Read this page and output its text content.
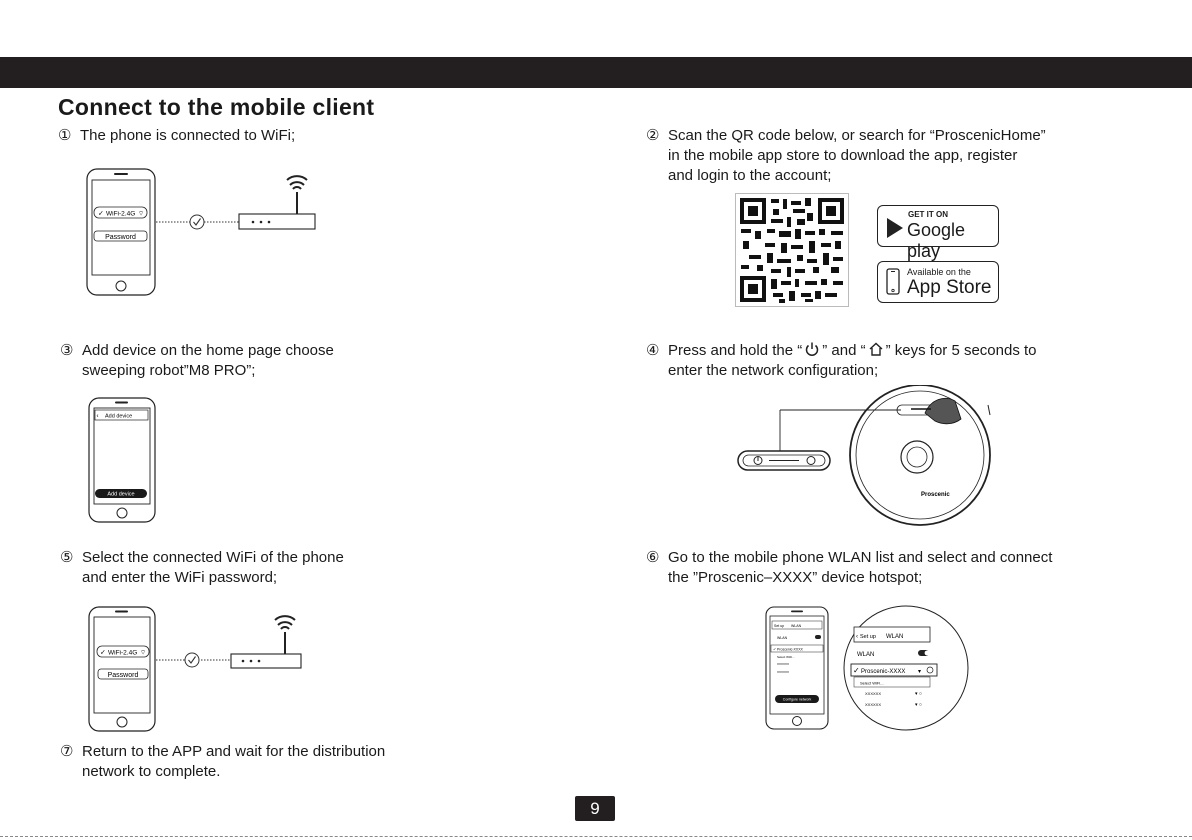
Connect to the mobile client
① The phone is connected to WiFi;	② Scan the QR code below, or search for “ProscenicHome”
in the mobile app store to download the app, register
and login to the account;
③ Add device on the home page choose
sweeping robot”M8 PRO”;
④ Press and hold the “ ” and “ ” keys for 5 seconds to
enter the network configuration;
⑤ Select the connected WiFi of the phone
and enter the WiFi password;
⑥ Go to the mobile phone WLAN list and select and connect
the ”Proscenic–XXXX” device hotspot;
⑦ Return to the APP and wait for the distribution
network to complete.
✓ WiFi-2.4G ⌔
Password
GET IT ON
Google play
Available on the
App Store
‹ Add device
Add device	Proscenic
✓ WiFi-2.4G ⌔
Password
Set up WLAN
WLAN
✓ Proscenic-XXXX
Select WiFi...
XXXXXX
XXXXXX
Configure network
‹ Set up WLAN
WLAN
✓ Proscenic-XXXX ▾
Select WiFi...
XXXXXX	▾ ○
XXXXXX	▾ ○
9
